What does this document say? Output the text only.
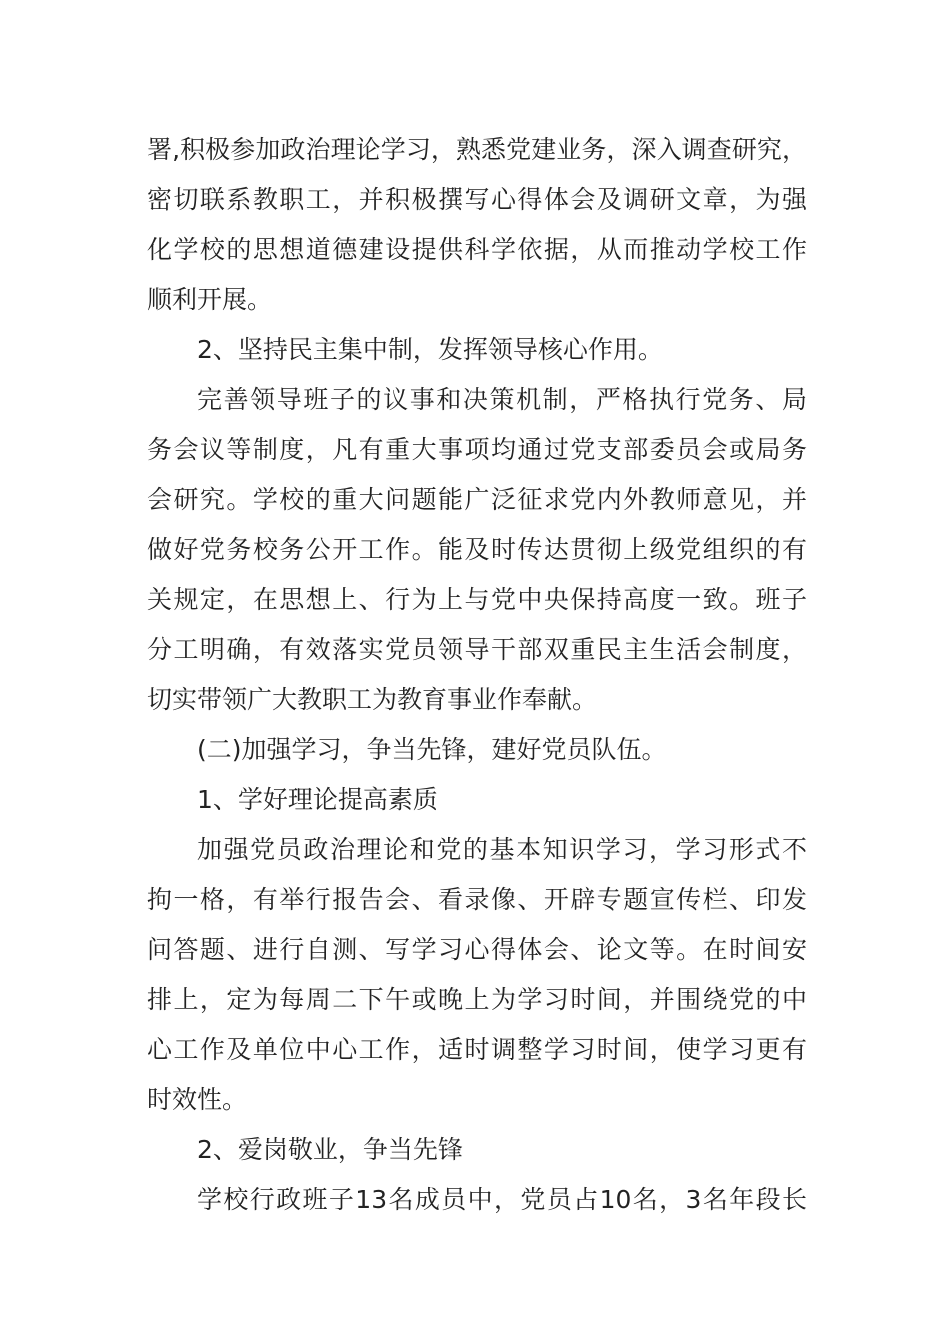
署,积极参加政治理论学习，熟悉党建业务，深入调查研究，
密切联系教职工，并积极撰写心得体会及调研文章，为强
化学校的思想道德建设提供科学依据，从而推动学校工作
顺利开展。
2、坚持民主集中制，发挥领导核心作用。
完善领导班子的议事和决策机制，严格执行党务、局
务会议等制度，凡有重大事项均通过党支部委员会或局务
会研究。学校的重大问题能广泛征求党内外教师意见，并
做好党务校务公开工作。能及时传达贯彻上级党组织的有
关规定，在思想上、行为上与党中央保持高度一致。班子
分工明确，有效落实党员领导干部双重民主生活会制度，
切实带领广大教职工为教育事业作奉献。
(二)加强学习，争当先锋，建好党员队伍。
1、学好理论提高素质
加强党员政治理论和党的基本知识学习，学习形式不
拘一格，有举行报告会、看录像、开辟专题宣传栏、印发
问答题、进行自测、写学习心得体会、论文等。在时间安
排上，定为每周二下午或晚上为学习时间，并围绕党的中
心工作及单位中心工作，适时调整学习时间，使学习更有
时效性。
2、爱岗敬业，争当先锋
学校行政班子13名成员中，党员占10名，3名年段长
